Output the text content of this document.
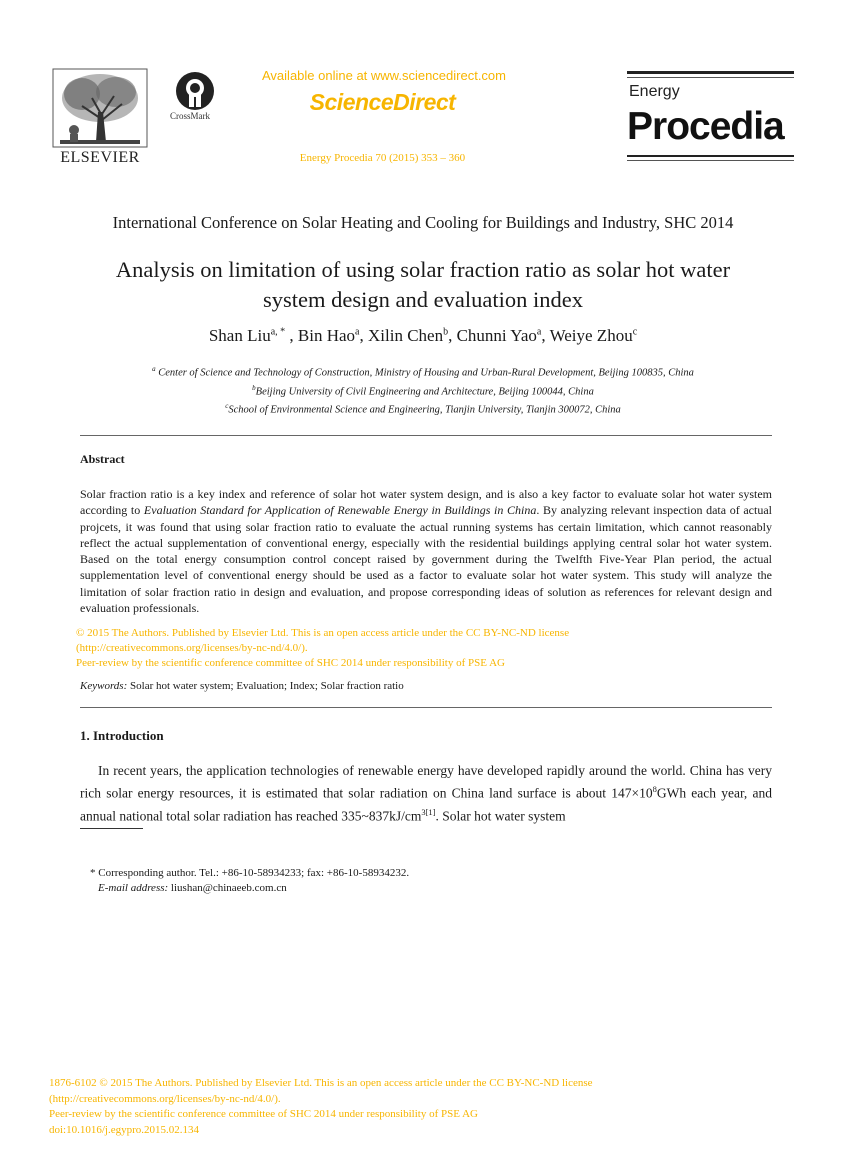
ELSEVIER
CrossMark
Available online at www.sciencedirect.com
ScienceDirect
Energy Procedia 70 (2015) 353 – 360
Energy
Procedia
International Conference on Solar Heating and Cooling for Buildings and Industry, SHC 2014
Analysis on limitation of using solar fraction ratio as solar hot water
system design and evaluation index
Shan Liu$^{a, *}$ , Bin Hao$^a$, Xilin Chen$^b$, Chunni Yao$^a$, Weiye Zhou$^c$
$^a$ Center of Science and Technology of Construction, Ministry of Housing and Urban-Rural Development, Beijing 100835, China
$^b$Beijing University of Civil Engineering and Architecture, Beijing 100044, China
$^c$School of Environmental Science and Engineering, Tianjin University, Tianjin 300072, China
Abstract
Solar fraction ratio is a key index and reference of solar hot water system design, and is also a key factor to evaluate solar hot water system according to Evaluation Standard for Application of Renewable Energy in Buildings in China. By analyzing relevant inspection data of actual projcets, it was found that using solar fraction ratio to evaluate the actual running systems has certain limitation, which cannot reasonably reflect the actual supplementation of conventional energy, especially with the residential buildings applying central solar hot water system. Based on the total energy consumption control concept raised by government during the Twelfth Five-Year Plan period, the actual supplementation level of conventional energy should be used as a factor to evaluate solar hot water system. This study will analyze the limitation of solar fraction ratio in design and evaluation, and propose corresponding ideas of solution as references for relevant design and evaluation professionals.
© 2015 The Authors. Published by Elsevier Ltd. This is an open access article under the CC BY-NC-ND license
(http://creativecommons.org/licenses/by-nc-nd/4.0/).
Peer-review by the scientific conference committee of SHC 2014 under responsibility of PSE AG
Keywords: Solar hot water system; Evaluation; Index; Solar fraction ratio
1. Introduction
In recent years, the application technologies of renewable energy have developed rapidly around the world. China has very rich solar energy resources, it is estimated that solar radiation on China land surface is about $147\times 10^8GWh$ each year, and annual national total solar radiation has reached $335\sim 837kJ/cm^{3[1]}$. Solar hot water system
* Corresponding author. Tel.: +86-10-58934233; fax: +86-10-58934232.
E-mail address: liushan@chinaeeb.com.cn
1876-6102 © 2015 The Authors. Published by Elsevier Ltd. This is an open access article under the CC BY-NC-ND license
(http://creativecommons.org/licenses/by-nc-nd/4.0/).
Peer-review by the scientific conference committee of SHC 2014 under responsibility of PSE AG
doi:10.1016/j.egypro.2015.02.134
